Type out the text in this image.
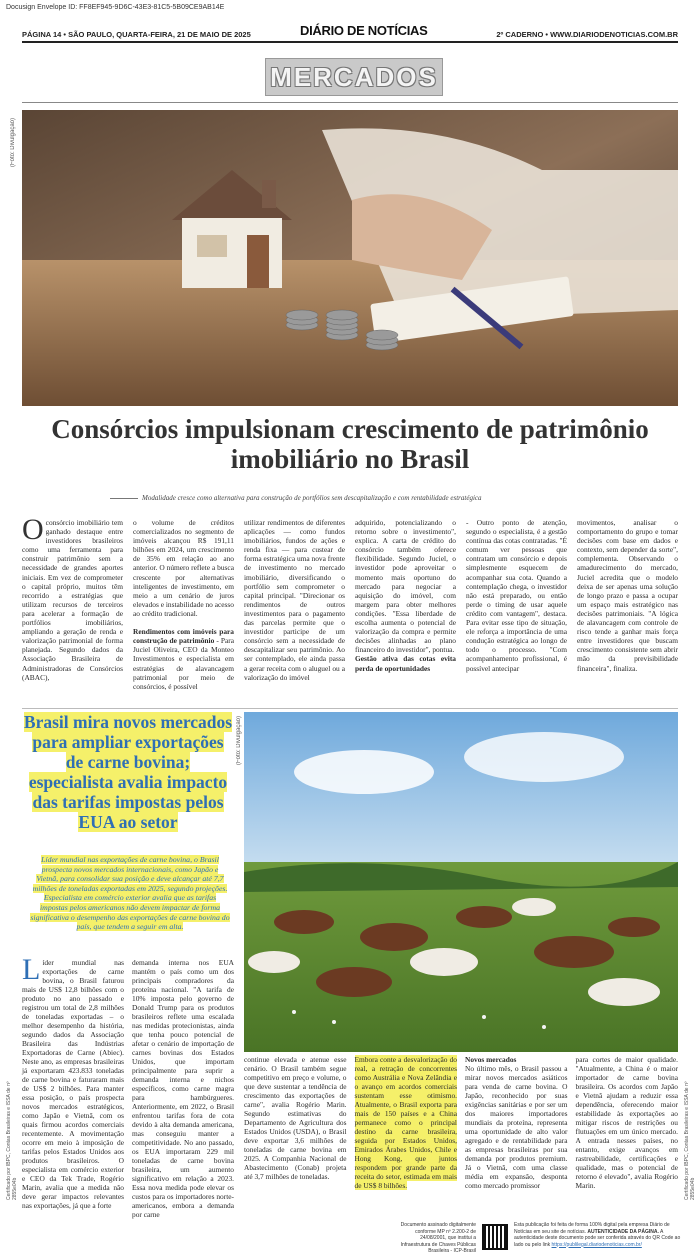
Docusign Envelope ID: FF8EF945-9D6C-43E3-81C5-5B09CE9AB14E
PÁGINA 14 • SÃO PAULO, QUARTA-FEIRA, 21 DE MAIO DE 2025	DIÁRIO DE NOTÍCIAS	2º CADERNO • WWW.DIARIODENOTICIAS.COM.BR
MERCADOS
(Foto: Divulgação)
Consórcios impulsionam crescimento de patrimônio imobiliário no Brasil
Modalidade cresce como alternativa para construção de portfólios sem descapitalização e com rentabilidade estratégica
Oconsórcio imobiliário tem ganhado destaque entre investidores brasileiros como uma ferramenta para construir patrimônio sem a necessidade de grandes aportes iniciais. Em vez de comprometer o capital próprio, muitos têm recorrido a estratégias que utilizam recursos de terceiros para acelerar a formação de portfólios imobiliários, ampliando a geração de renda e valorização patrimonial de forma planejada. Segundo dados da Associação Brasileira de Administradoras de Consórcios (ABAC),
o volume de créditos comercializados no segmento de imóveis alcançou R$ 191,11 bilhões em 2024, um crescimento de 35% em relação ao ano anterior. O número reflete a busca crescente por alternativas inteligentes de investimento, em meio a um cenário de juros elevados e instabilidade no acesso ao crédito tradicional.

Rendimentos com imóveis para construção de patrimônio - Para Juciel Oliveira, CEO da Monteo Investimentos e especialista em estratégias de alavancagem patrimonial por meio de consórcios, é possível
utilizar rendimentos de diferentes aplicações — como fundos imobiliários, fundos de ações e renda fixa — para custear de forma estratégica uma nova frente de investimento no mercado imobiliário, diversificando o portfólio sem comprometer o capital principal. "Direcionar os rendimentos de outros investimentos para o pagamento das parcelas permite que o investidor participe de um consórcio sem a necessidade de descapitalizar seu patrimônio. Ao ser contemplado, ele ainda passa a gerar receita com o aluguel ou a valorização do imóvel
adquirido, potencializando o retorno sobre o investimento", explica. A carta de crédito do consórcio também oferece flexibilidade. Segundo Juciel, o investidor pode aproveitar o momento mais oportuno do mercado para negociar a aquisição do imóvel, com margem para obter melhores condições. "Essa liberdade de escolha aumenta o potencial de valorização da compra e permite decisões alinhadas ao plano financeiro do investidor", pontua.
Gestão ativa das cotas evita perda de oportunidades
- Outro ponto de atenção, segundo o especialista, é a gestão contínua das cotas contratadas. "É comum ver pessoas que contratam um consórcio e depois simplesmente esquecem de acompanhar sua cota. Quando a contemplação chega, o investidor não está preparado, ou então perde o timing de usar aquele crédito com vantagem", destaca. Para evitar esse tipo de situação, ele reforça a importância de uma condução estratégica ao longo de todo o processo. "Com acompanhamento profissional, é possível antecipar
movimentos, analisar o comportamento do grupo e tomar decisões com base em dados e contexto, sem depender da sorte", complementa. Observando o amadurecimento do mercado, Juciel acredita que o modelo deixa de ser apenas uma solução de longo prazo e passa a ocupar um espaço mais estratégico nas decisões patrimoniais. "A lógica de alavancagem com controle de risco tende a ganhar mais força entre investidores que buscam crescimento consistente sem abrir mão da previsibilidade financeira", finaliza.
Brasil mira novos mercados para ampliar exportações de carne bovina; especialista avalia impacto das tarifas impostas pelos EUA ao setor
Líder mundial nas exportações de carne bovina, o Brasil prospecta novos mercados internacionais, como Japão e Vietnã, para consolidar sua posição e deve alcançar até 7,7 milhões de toneladas exportadas em 2025, segundo projeções. Especialista em comércio exterior avalia que as tarifas impostas pelos americanos não devem impactar de forma significativa o desempenho das exportações de carne bovina do país, que tendem a seguir em alta.
(Foto: Divulgação)
Líder mundial nas exportações de carne bovina, o Brasil faturou mais de US$ 12,8 bilhões com o produto no ano passado e registrou um total de 2,8 milhões de toneladas exportadas – o melhor desempenho da história, segundo dados da Associação Brasileira das Indústrias Exportadoras de Carne (Abiec). Neste ano, as empresas brasileiras já exportaram 423.833 toneladas de carne bovina e faturaram mais de US$ 2 bilhões. Para manter essa posição, o país prospecta novos mercados estratégicos, como Japão e Vietnã, com os quais firmou acordos comerciais recentemente. A movimentação ocorre em meio à imposição de tarifas pelos Estados Unidos aos produtos brasileiros. O especialista em comércio exterior e CEO da Tek Trade, Rogério Marin, avalia que a medida não deve gerar impactos relevantes nas exportações, já que a forte
demanda interna nos EUA mantém o país como um dos principais compradores da proteína nacional. "A tarifa de 10% imposta pelo governo de Donald Trump para os produtos brasileiros reflete uma escalada nas medidas protecionistas, ainda que tenha pouco potencial de afetar o cenário de importação de carnes bovinas dos Estados Unidos, que importam principalmente para suprir a demanda interna e nichos específicos, como carne magra para hambúrgueres. Anteriormente, em 2022, o Brasil enfrentou tarifas fora de cota devido à alta demanda americana, mas conseguiu manter a competitividade. No ano passado, os EUA importaram 229 mil toneladas de carne bovina brasileira, um aumento significativo em relação a 2023. Essa nova medida pode elevar os custos para os importadores norte-americanos, embora a demanda por carne
continue elevada e atenue esse cenário. O Brasil também segue competitivo em preço e volume, o que deve sustentar a tendência de crescimento das exportações de carne", avalia Rogério Marin. Segundo estimativas do Departamento de Agricultura dos Estados Unidos (USDA), o Brasil deve exportar 3,6 milhões de toneladas de carne bovina em 2025. A Companhia Nacional de Abastecimento (Conab) projeta até 3,7 milhões de toneladas.
Embora conte a desvalorização do real, a retração de concorrentes como Austrália e Nova Zelândia e o avanço em acordos comerciais sustentam esse otimismo. Atualmente, o Brasil exporta para mais de 150 países e a China permanece como o principal destino da carne brasileira, seguida por Estados Unidos, Emirados Árabes Unidos, Chile e Hong Kong, que juntos respondem por grande parte da receita do setor, estimada em mais de US$ 8 bilhões.
Novos mercados
No último mês, o Brasil passou a mirar novos mercados asiáticos para venda de carne bovina. O Japão, reconhecido por suas exigências sanitárias e por ser um dos maiores importadores mundiais da proteína, representa uma oportunidade de alto valor agregado e de rentabilidade para as empresas brasileiras por sua demanda por produtos premium. Já o Vietnã, com uma classe média em expansão, desponta como mercado promissor
para cortes de maior qualidade. "Atualmente, a China é o maior importador de carne bovina brasileira. Os acordos com Japão e Vietnã ajudam a reduzir essa dependência, oferecendo maior estabilidade às exportações ao mitigar riscos de restrições ou flutuações em um único mercado. A entrada nesses países, no entanto, exige avanços em rastreabilidade, certificações e qualidade, mas o potencial de retorno é elevado", avalia Rogério Marin.
Certificado por IBPC, Contas Brasileiras e ISSA de nº 2855e04b	Certificado por IBPC, Contas Brasileiras e ISSA de nº 2855e04b
Documento assinado digitalmente conforme MP nº 2.200-2 de 24/08/2001, que institui a Infraestrutura de Chaves Públicas Brasileira - ICP-Brasil
Esta publicação foi feita de forma 100% digital pela empresa Diário de Notícias em seu site de notícias. AUTENTICIDADE DA PÁGINA. A autenticidade deste documento pode ser conferida através do QR Code ao lado ou pelo link https://publilegal.diariodenoticias.com.br/
